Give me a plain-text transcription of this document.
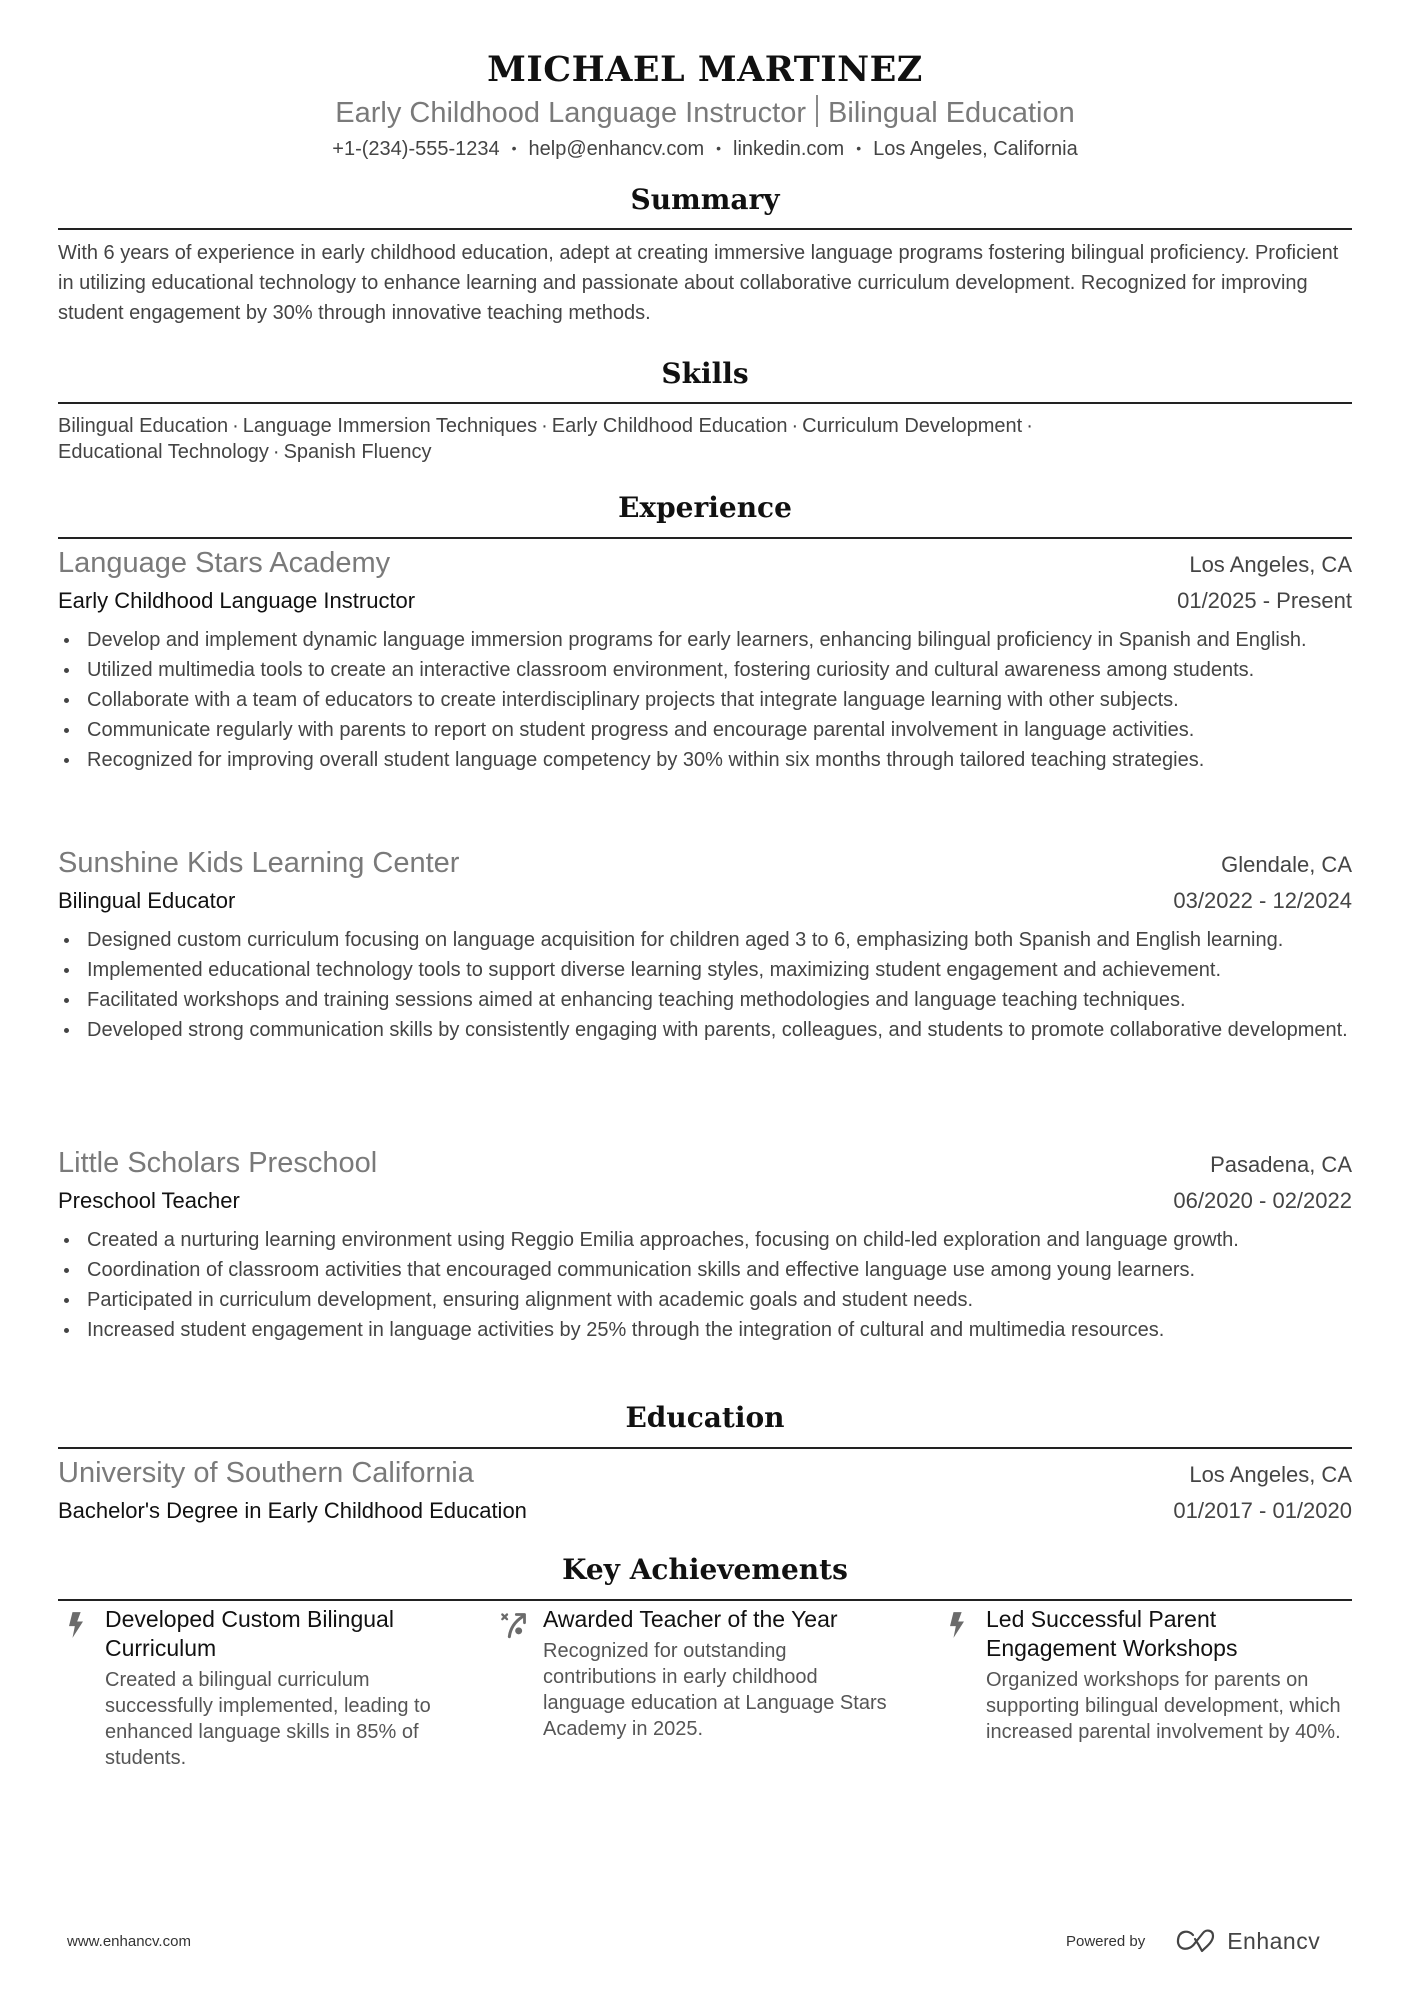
MICHAEL MARTINEZ
Early Childhood Language Instructor Bilingual Education
+1-(234)-555-1234 • help@enhancv.com • linkedin.com • Los Angeles, California
Summary

With 6 years of experience in early childhood education, adept at creating immersive language programs fostering bilingual proficiency. Proficient in utilizing educational technology to enhance learning and passionate about collaborative curriculum development. Recognized for improving student engagement by 30% through innovative teaching methods.

Skills
Bilingual Education · Language Immersion Techniques · Early Childhood Education · Curriculum Development ·
Educational Technology · Spanish Fluency
Experience
Language Stars Academy	Los Angeles, CA
Early Childhood Language Instructor	01/2025 - Present
Develop and implement dynamic language immersion programs for early learners, enhancing bilingual proficiency in Spanish and English.
Utilized multimedia tools to create an interactive classroom environment, fostering curiosity and cultural awareness among students.
Collaborate with a team of educators to create interdisciplinary projects that integrate language learning with other subjects.
Communicate regularly with parents to report on student progress and encourage parental involvement in language activities.
Recognized for improving overall student language competency by 30% within six months through tailored teaching strategies.
Sunshine Kids Learning Center	Glendale, CA
Bilingual Educator	03/2022 - 12/2024
Designed custom curriculum focusing on language acquisition for children aged 3 to 6, emphasizing both Spanish and English learning.
Implemented educational technology tools to support diverse learning styles, maximizing student engagement and achievement.
Facilitated workshops and training sessions aimed at enhancing teaching methodologies and language teaching techniques.
Developed strong communication skills by consistently engaging with parents, colleagues, and students to promote collaborative development.
Little Scholars Preschool	Pasadena, CA
Preschool Teacher	06/2020 - 02/2022
Created a nurturing learning environment using Reggio Emilia approaches, focusing on child-led exploration and language growth.
Coordination of classroom activities that encouraged communication skills and effective language use among young learners.
Participated in curriculum development, ensuring alignment with academic goals and student needs.
Increased student engagement in language activities by 25% through the integration of cultural and multimedia resources.
Education
University of Southern California	Los Angeles, CA
Bachelor's Degree in Early Childhood Education	01/2017 - 01/2020
Key Achievements
Developed Custom Bilingual Curriculum
Created a bilingual curriculum successfully implemented, leading to enhanced language skills in 85% of students.
Awarded Teacher of the Year
Recognized for outstanding contributions in early childhood language education at Language Stars Academy in 2025.
Led Successful Parent Engagement Workshops
Organized workshops for parents on supporting bilingual development, which increased parental involvement by 40%.
www.enhancv.com	Powered by	Enhancv
